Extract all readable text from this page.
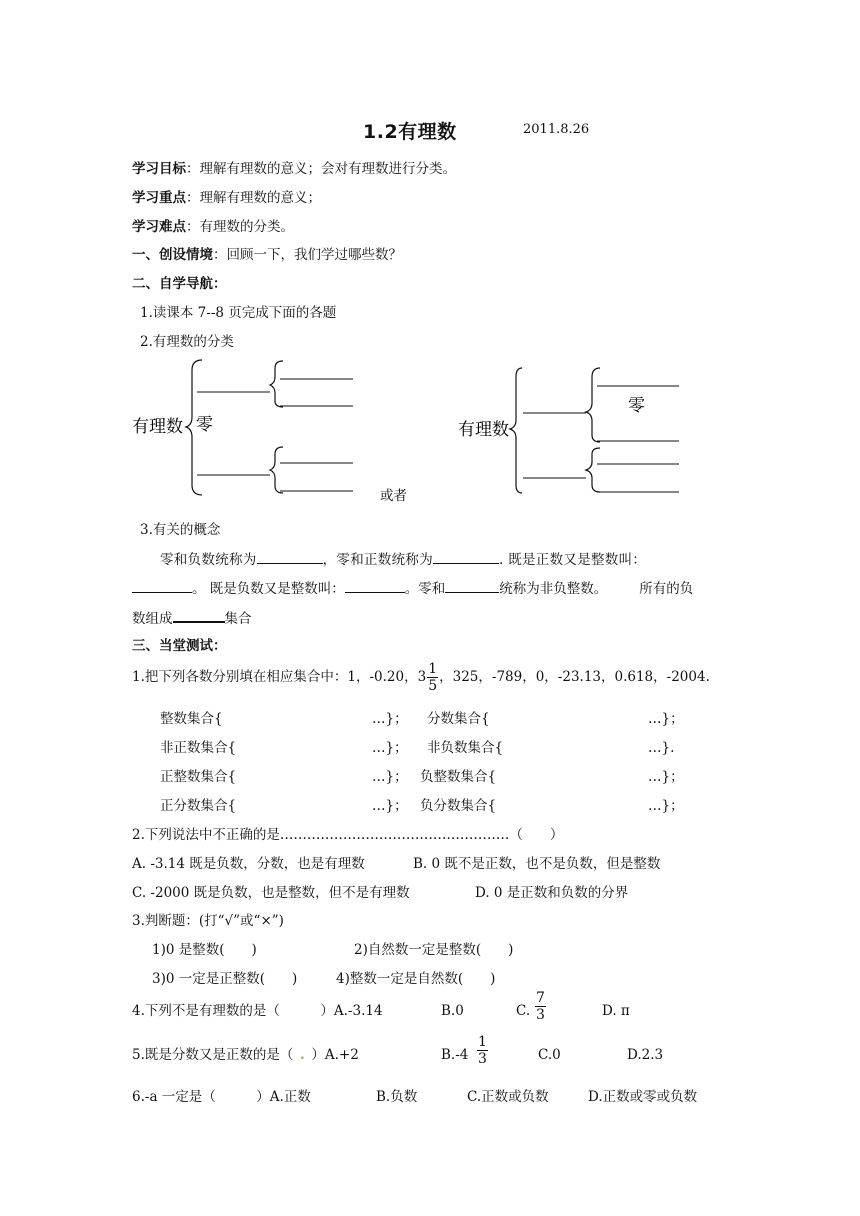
1.2有理数	2011.8.26
学习目标：理解有理数的意义；会对有理数进行分类。
学习重点：理解有理数的意义；
学习难点：有理数的分类。
一、创设情境：回顾一下，我们学过哪些数？
二、自学导航：
1.读课本 7--8 页完成下面的各题
2.有理数的分类
有理数 零
或者
有理数
零
3.有关的概念
零和负数统称为	，零和正数统称为	. 既是正数又是整数叫：
。 既是负数又是整数叫：	。零和	统称为非负整数。 所有的负
数组成	集合
三、当堂测试：
1.把下列各数分别填在相应集合中：1，-0.20，$3 \frac{1}{5}$ ，325，-789，0，-23.13，0.618，-2004.
整数集合{	…}； 分数集合{	…}；
非正数集合{	…}； 非负数集合{	…}.
正整数集合{	…}； 负整数集合{	…}；
正分数集合{	…}； 负分数集合{	…}；
2.下列说法中不正确的是……………………………………………（　　）
A. -3.14 既是负数，分数，也是有理数	B. 0 既不是正数，也不是负数，但是整数
C. -2000 既是负数，也是整数，但不是有理数	D. 0 是正数和负数的分界
3.判断题：(打“√”或“×”)
1)0 是整数(　　)	2)自然数一定是整数(　　)
3)0 一定是正整数(　　)	4)整数一定是自然数(　　)
4.下列不是有理数的是（　　　）A.-3.14	B.0	C. $\frac{7}{3}$	D. π
5.既是分数又是正数的是（ . ）A.+2	$B.-4 \frac{1}{3}$	C.0	D.2.3
6.-a 一定是（　　　）A.正数	B.负数	C.正数或负数	D.正数或零或负数
